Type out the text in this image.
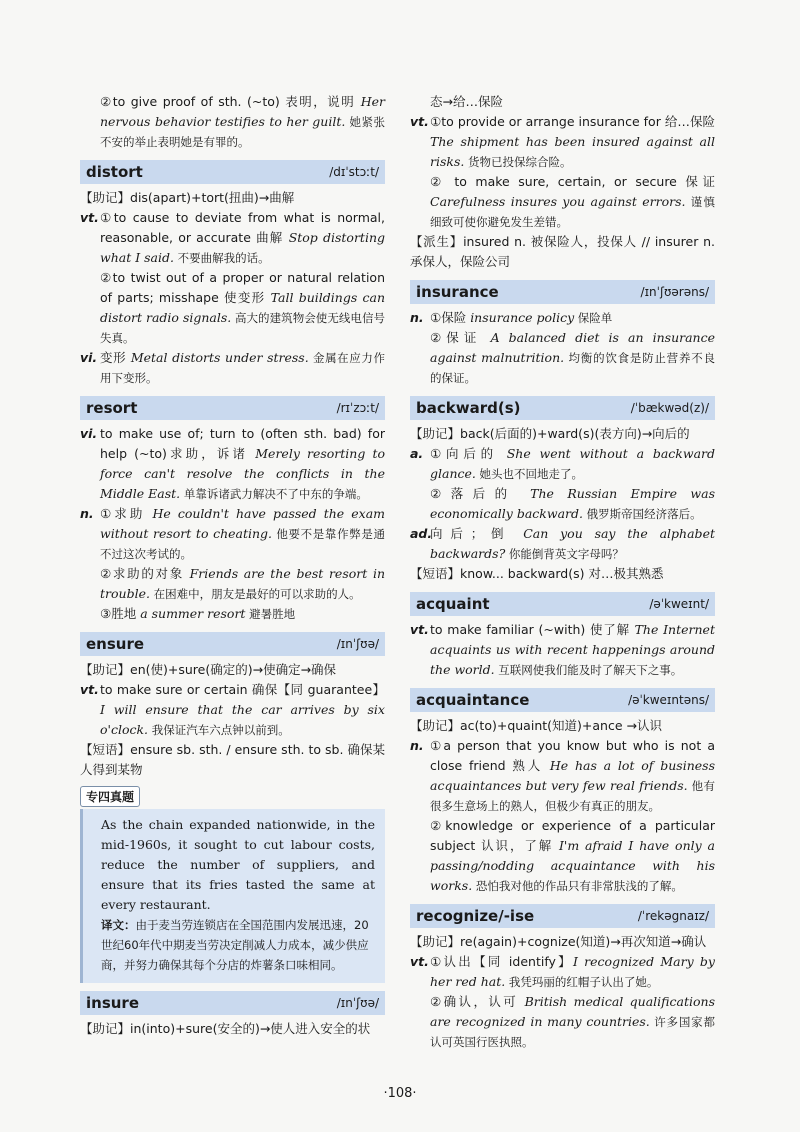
②to give proof of sth. (~to) 表明，说明 Her nervous behavior testifies to her guilt. 她紧张不安的举止表明她是有罪的。
distort	/dɪˈstɔːt/
【助记】dis(apart)+tort(扭曲)→曲解
vt. ①to cause to deviate from what is normal, reasonable, or accurate 曲解 Stop distorting what I said. 不要曲解我的话。
②to twist out of a proper or natural relation of parts; misshape 使变形 Tall buildings can distort radio signals. 高大的建筑物会使无线电信号失真。
vi. 变形 Metal distorts under stress. 金属在应力作用下变形。
resort	/rɪˈzɔːt/
vi. to make use of; turn to (often sth. bad) for help (~to)求助，诉诸 Merely resorting to force can't resolve the conflicts in the Middle East. 单靠诉诸武力解决不了中东的争端。
n. ①求助 He couldn't have passed the exam without resort to cheating. 他要不是靠作弊是通不过这次考试的。
②求助的对象 Friends are the best resort in trouble. 在困难中，朋友是最好的可以求助的人。
③胜地 a summer resort 避暑胜地
ensure	/ɪnˈʃʊə/
【助记】en(使)+sure(确定的)→使确定→确保
vt. to make sure or certain 确保【同 guarantee】I will ensure that the car arrives by six o'clock. 我保证汽车六点钟以前到。
【短语】ensure sb. sth. / ensure sth. to sb. 确保某人得到某物
专四真题
As the chain expanded nationwide, in the mid-1960s, it sought to cut labour costs, reduce the number of suppliers, and ensure that its fries tasted the same at every restaurant.
译文：由于麦当劳连锁店在全国范围内发展迅速，20世纪60年代中期麦当劳决定削减人力成本，减少供应商，并努力确保其每个分店的炸薯条口味相同。
insure	/ɪnˈʃʊə/
【助记】in(into)+sure(安全的)→使人进入安全的状
态→给…保险
vt. ①to provide or arrange insurance for 给…保险 The shipment has been insured against all risks. 货物已投保综合险。
② to make sure, certain, or secure 保证 Carefulness insures you against errors. 谨慎细致可使你避免发生差错。
【派生】insured n. 被保险人，投保人 // insurer n. 承保人，保险公司
insurance	/ɪnˈʃʊərəns/
n. ①保险 insurance policy 保险单
②保证 A balanced diet is an insurance against malnutrition. 均衡的饮食是防止营养不良的保证。
backward(s)	/ˈbækwəd(z)/
【助记】back(后面的)+ward(s)(表方向)→向后的
a. ①向后的 She went without a backward glance. 她头也不回地走了。
②落后的 The Russian Empire was economically backward. 俄罗斯帝国经济落后。
ad.
向后；倒 Can you say the alphabet backwards? 你能倒背英文字母吗？
【短语】know... backward(s) 对…极其熟悉
acquaint	/əˈkweɪnt/
vt. to make familiar (~with) 使了解 The Internet acquaints us with recent happenings around the world. 互联网使我们能及时了解天下之事。
acquaintance	/əˈkweɪntəns/
【助记】ac(to)+quaint(知道)+ance →认识
n. ①a person that you know but who is not a close friend 熟人 He has a lot of business acquaintances but very few real friends. 他有很多生意场上的熟人，但极少有真正的朋友。
②knowledge or experience of a particular subject 认识，了解 I'm afraid I have only a passing/nodding acquaintance with his works. 恐怕我对他的作品只有非常肤浅的了解。
recognize/-ise	/ˈrekəgnaɪz/
【助记】re(again)+cognize(知道)→再次知道→确认
vt. ①认出【同 identify】I recognized Mary by her red hat. 我凭玛丽的红帽子认出了她。
②确认，认可 British medical qualifications are recognized in many countries. 许多国家都认可英国行医执照。
·108·
